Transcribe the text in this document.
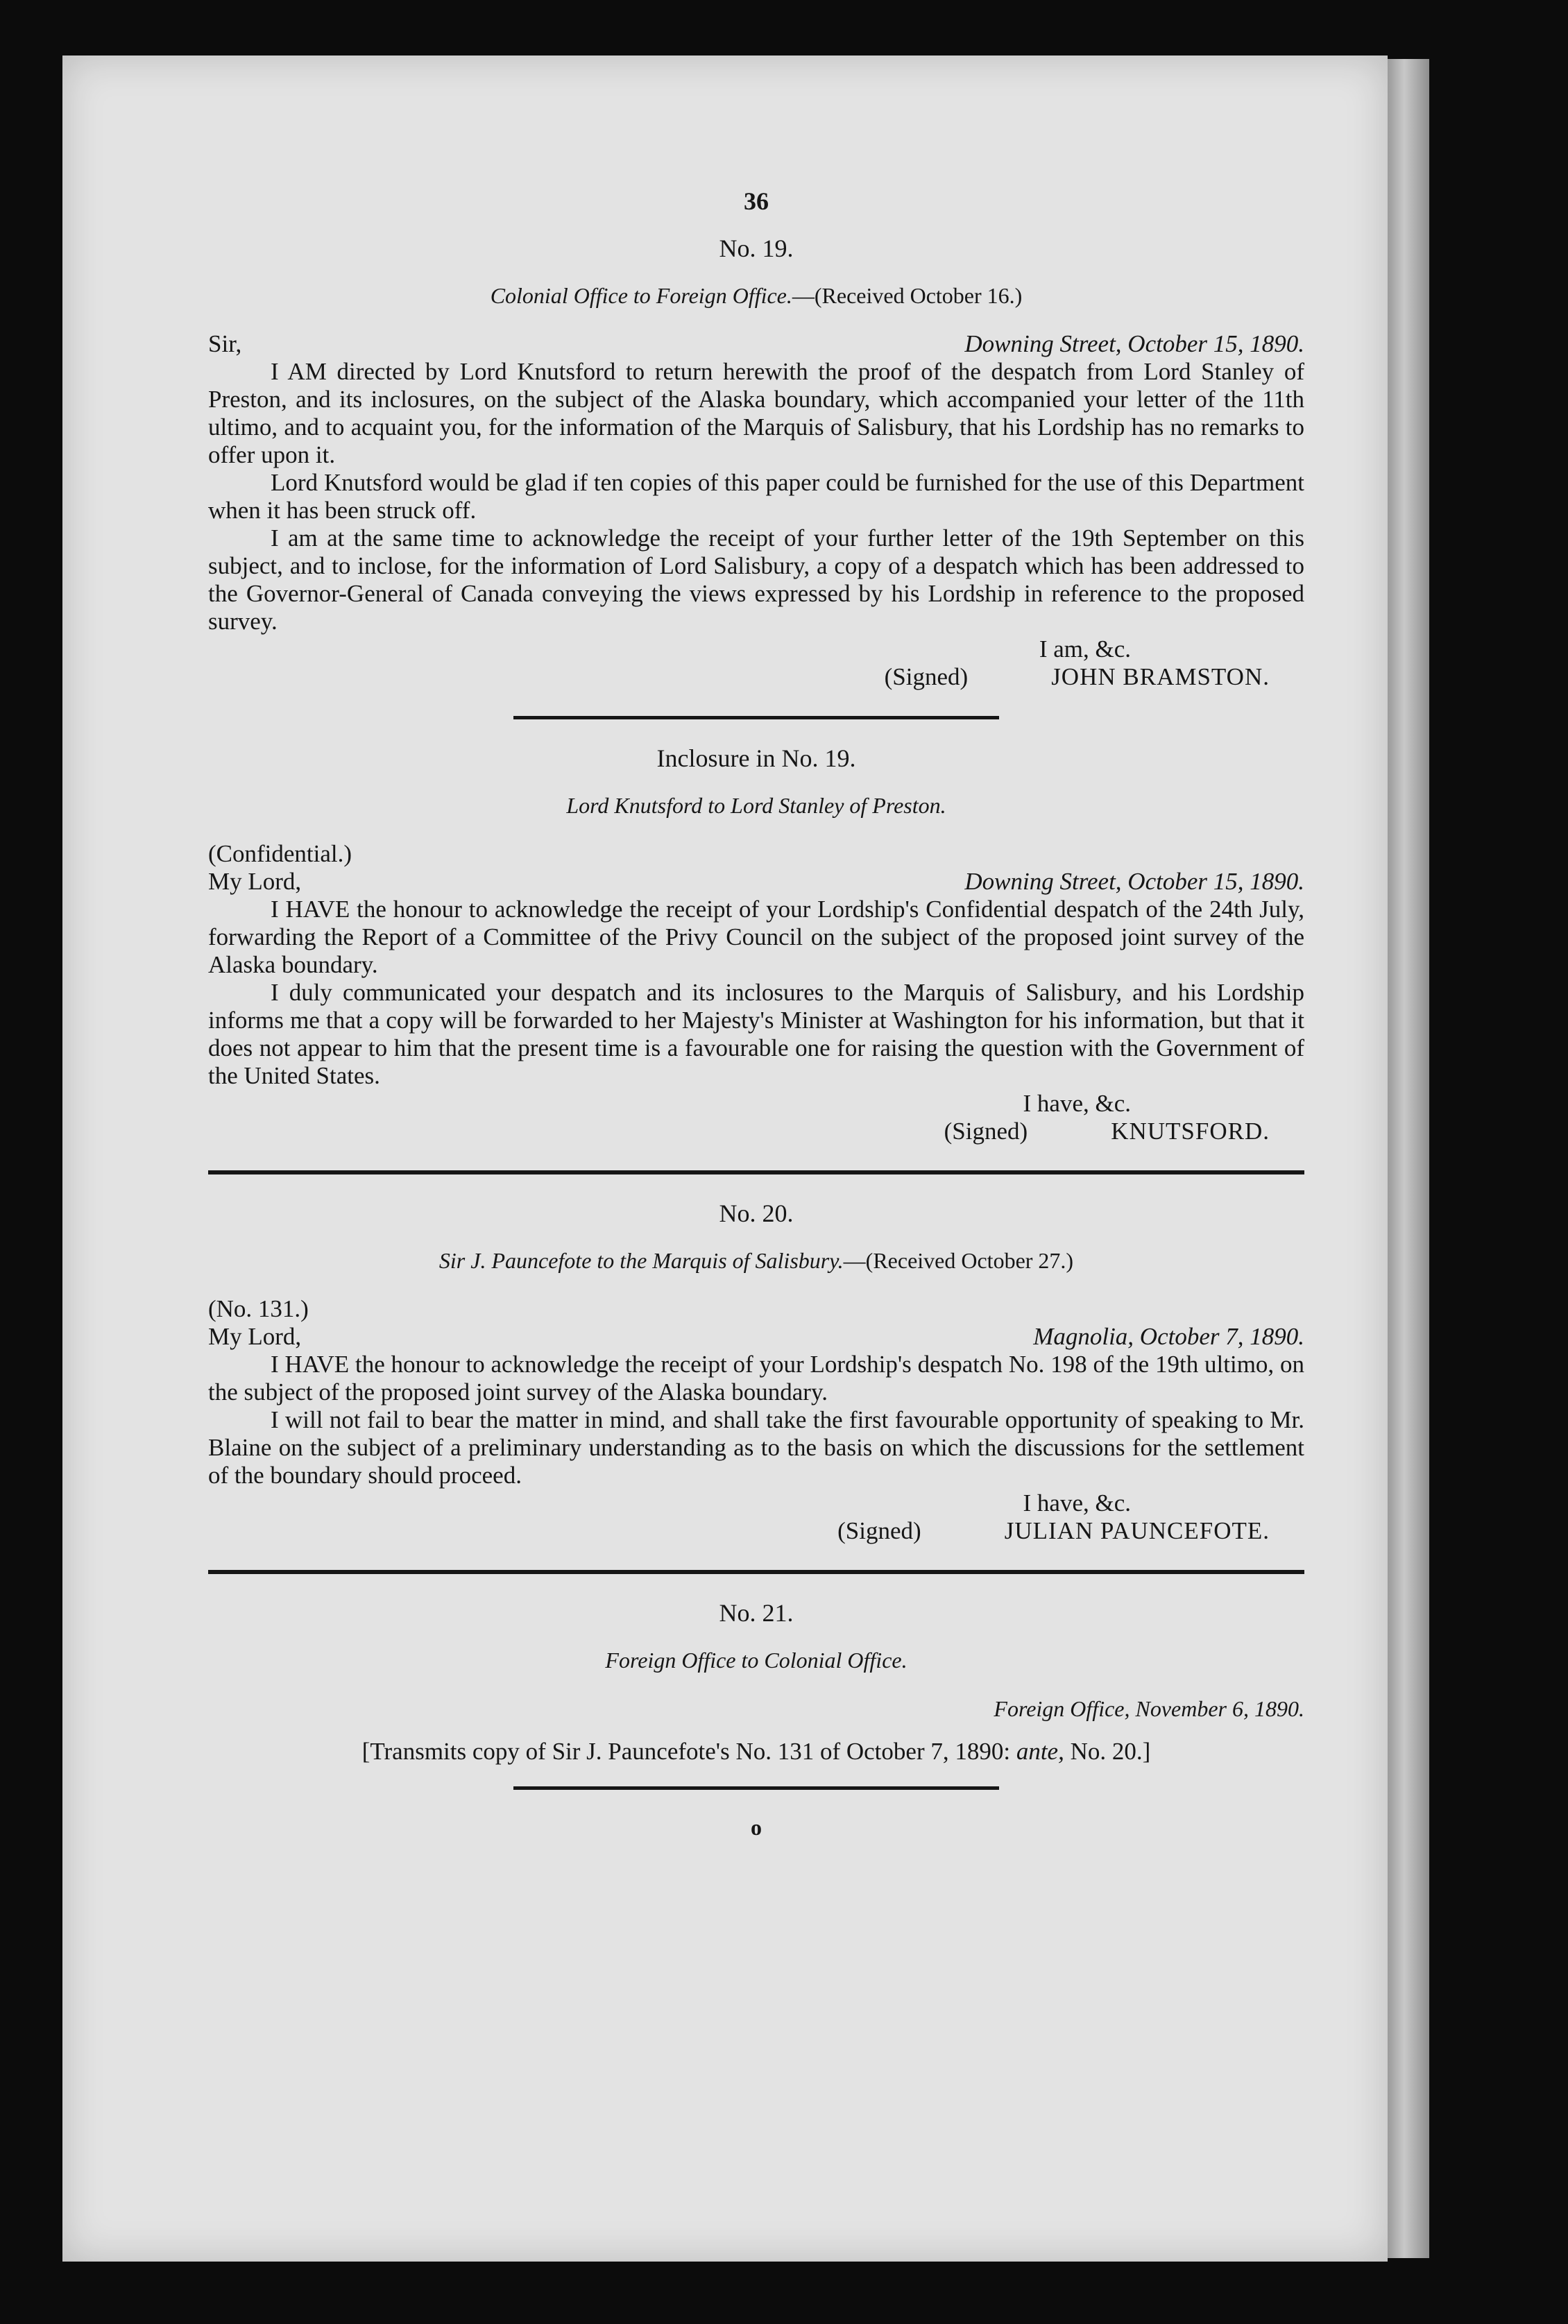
36
No. 19.
Colonial Office to Foreign Office.—(Received October 16.)
Sir,	Downing Street, October 15, 1890.

I AM directed by Lord Knutsford to return herewith the proof of the despatch from Lord Stanley of Preston, and its inclosures, on the subject of the Alaska boundary, which accompanied your letter of the 11th ultimo, and to acquaint you, for the information of the Marquis of Salisbury, that his Lordship has no remarks to offer upon it.

Lord Knutsford would be glad if ten copies of this paper could be furnished for the use of this Department when it has been struck off.

I am at the same time to acknowledge the receipt of your further letter of the 19th September on this subject, and to inclose, for the information of Lord Salisbury, a copy of a despatch which has been addressed to the Governor-General of Canada conveying the views expressed by his Lordship in reference to the proposed survey.

I am, &c.
(Signed)	JOHN BRAMSTON.
Inclosure in No. 19.
Lord Knutsford to Lord Stanley of Preston.
(Confidential.)
My Lord,	Downing Street, October 15, 1890.

I HAVE the honour to acknowledge the receipt of your Lordship's Confidential despatch of the 24th July, forwarding the Report of a Committee of the Privy Council on the subject of the proposed joint survey of the Alaska boundary.

I duly communicated your despatch and its inclosures to the Marquis of Salisbury, and his Lordship informs me that a copy will be forwarded to her Majesty's Minister at Washington for his information, but that it does not appear to him that the present time is a favourable one for raising the question with the Government of the United States.

I have, &c.
(Signed)	KNUTSFORD.
No. 20.
Sir J. Pauncefote to the Marquis of Salisbury.—(Received October 27.)
(No. 131.)
My Lord,	Magnolia, October 7, 1890.

I HAVE the honour to acknowledge the receipt of your Lordship's despatch No. 198 of the 19th ultimo, on the subject of the proposed joint survey of the Alaska boundary.

I will not fail to bear the matter in mind, and shall take the first favourable opportunity of speaking to Mr. Blaine on the subject of a preliminary understanding as to the basis on which the discussions for the settlement of the boundary should proceed.

I have, &c.
(Signed)	JULIAN PAUNCEFOTE.
No. 21.
Foreign Office to Colonial Office.
Foreign Office, November 6, 1890.
[Transmits copy of Sir J. Pauncefote's No. 131 of October 7, 1890: ante, No. 20.]
o
